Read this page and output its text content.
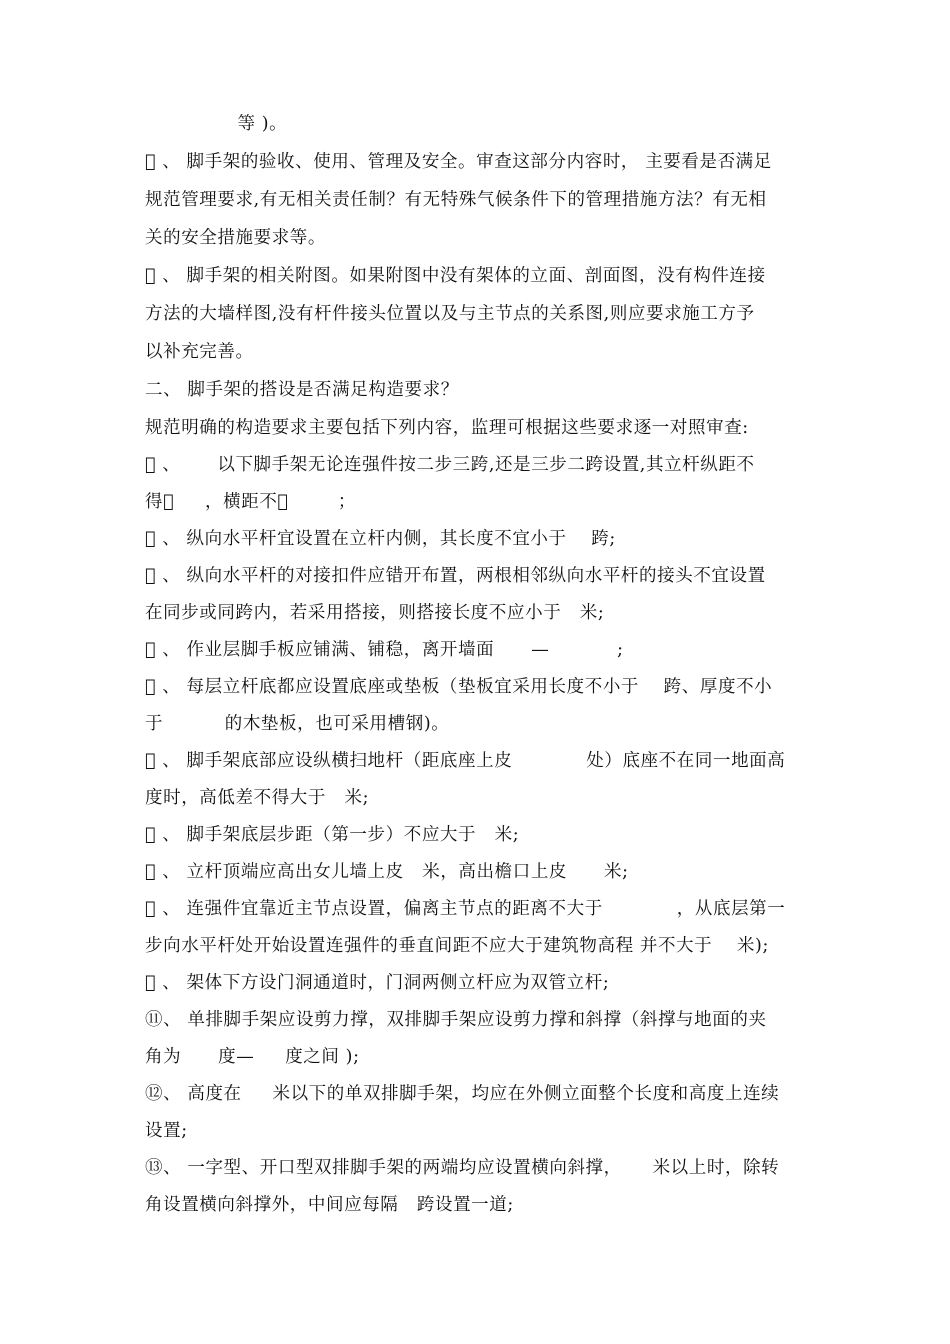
等 )。
  、 脚手架的验收、使用、管理及安全。审查这部分内容时， 主要看是否满足
规范管理要求,有无相关责任制？有无特殊气候条件下的管理措施方法？有无相
关的安全措施要求等。
  、 脚手架的相关附图。如果附图中没有架体的立面、剖面图，没有构件连接
方法的大墙样图,没有杆件接头位置以及与主节点的关系图,则应要求施工方予
以补充完善。
二、 脚手架的搭设是否满足构造要求？
规范明确的构造要求主要包括下列内容，监理可根据这些要求逐一对照审查:
  、      以下脚手架无论连强件按二步三跨,还是三步二跨设置,其立杆纵距不
得      ，横距不         ；
  、 纵向水平杆宜设置在立杆内侧，其长度不宜小于    跨;
  、 纵向水平杆的对接扣件应错开布置，两根相邻纵向水平杆的接头不宜设置
在同步或同跨内，若采用搭接，则搭接长度不应小于   米;
  、 作业层脚手板应铺满、铺稳，离开墙面      —           ;
  、 每层立杆底都应设置底座或垫板（垫板宜采用长度不小于    跨、厚度不小
于          的木垫板，也可采用槽钢)。
  、 脚手架底部应设纵横扫地杆（距底座上皮            处）底座不在同一地面高
度时，高低差不得大于   米;
  、 脚手架底层步距（第一步）不应大于   米;
  、 立杆顶端应高出女儿墙上皮   米，高出檐口上皮      米;
  、 连强件宜靠近主节点设置，偏离主节点的距离不大于            ，从底层第一
步向水平杆处开始设置连强件的垂直间距不应大于建筑物高程 并不大于    米);
  、 架体下方设门洞通道时，门洞两侧立杆应为双管立杆;
⑪、 单排脚手架应设剪力撑，双排脚手架应设剪力撑和斜撑（斜撑与地面的夹
角为      度—     度之间 );
⑫、 高度在     米以下的单双排脚手架，均应在外侧立面整个长度和高度上连续
设置;
⑬、 一字型、开口型双排脚手架的两端均应设置横向斜撑，     米以上时，除转
角设置横向斜撑外，中间应每隔   跨设置一道;
